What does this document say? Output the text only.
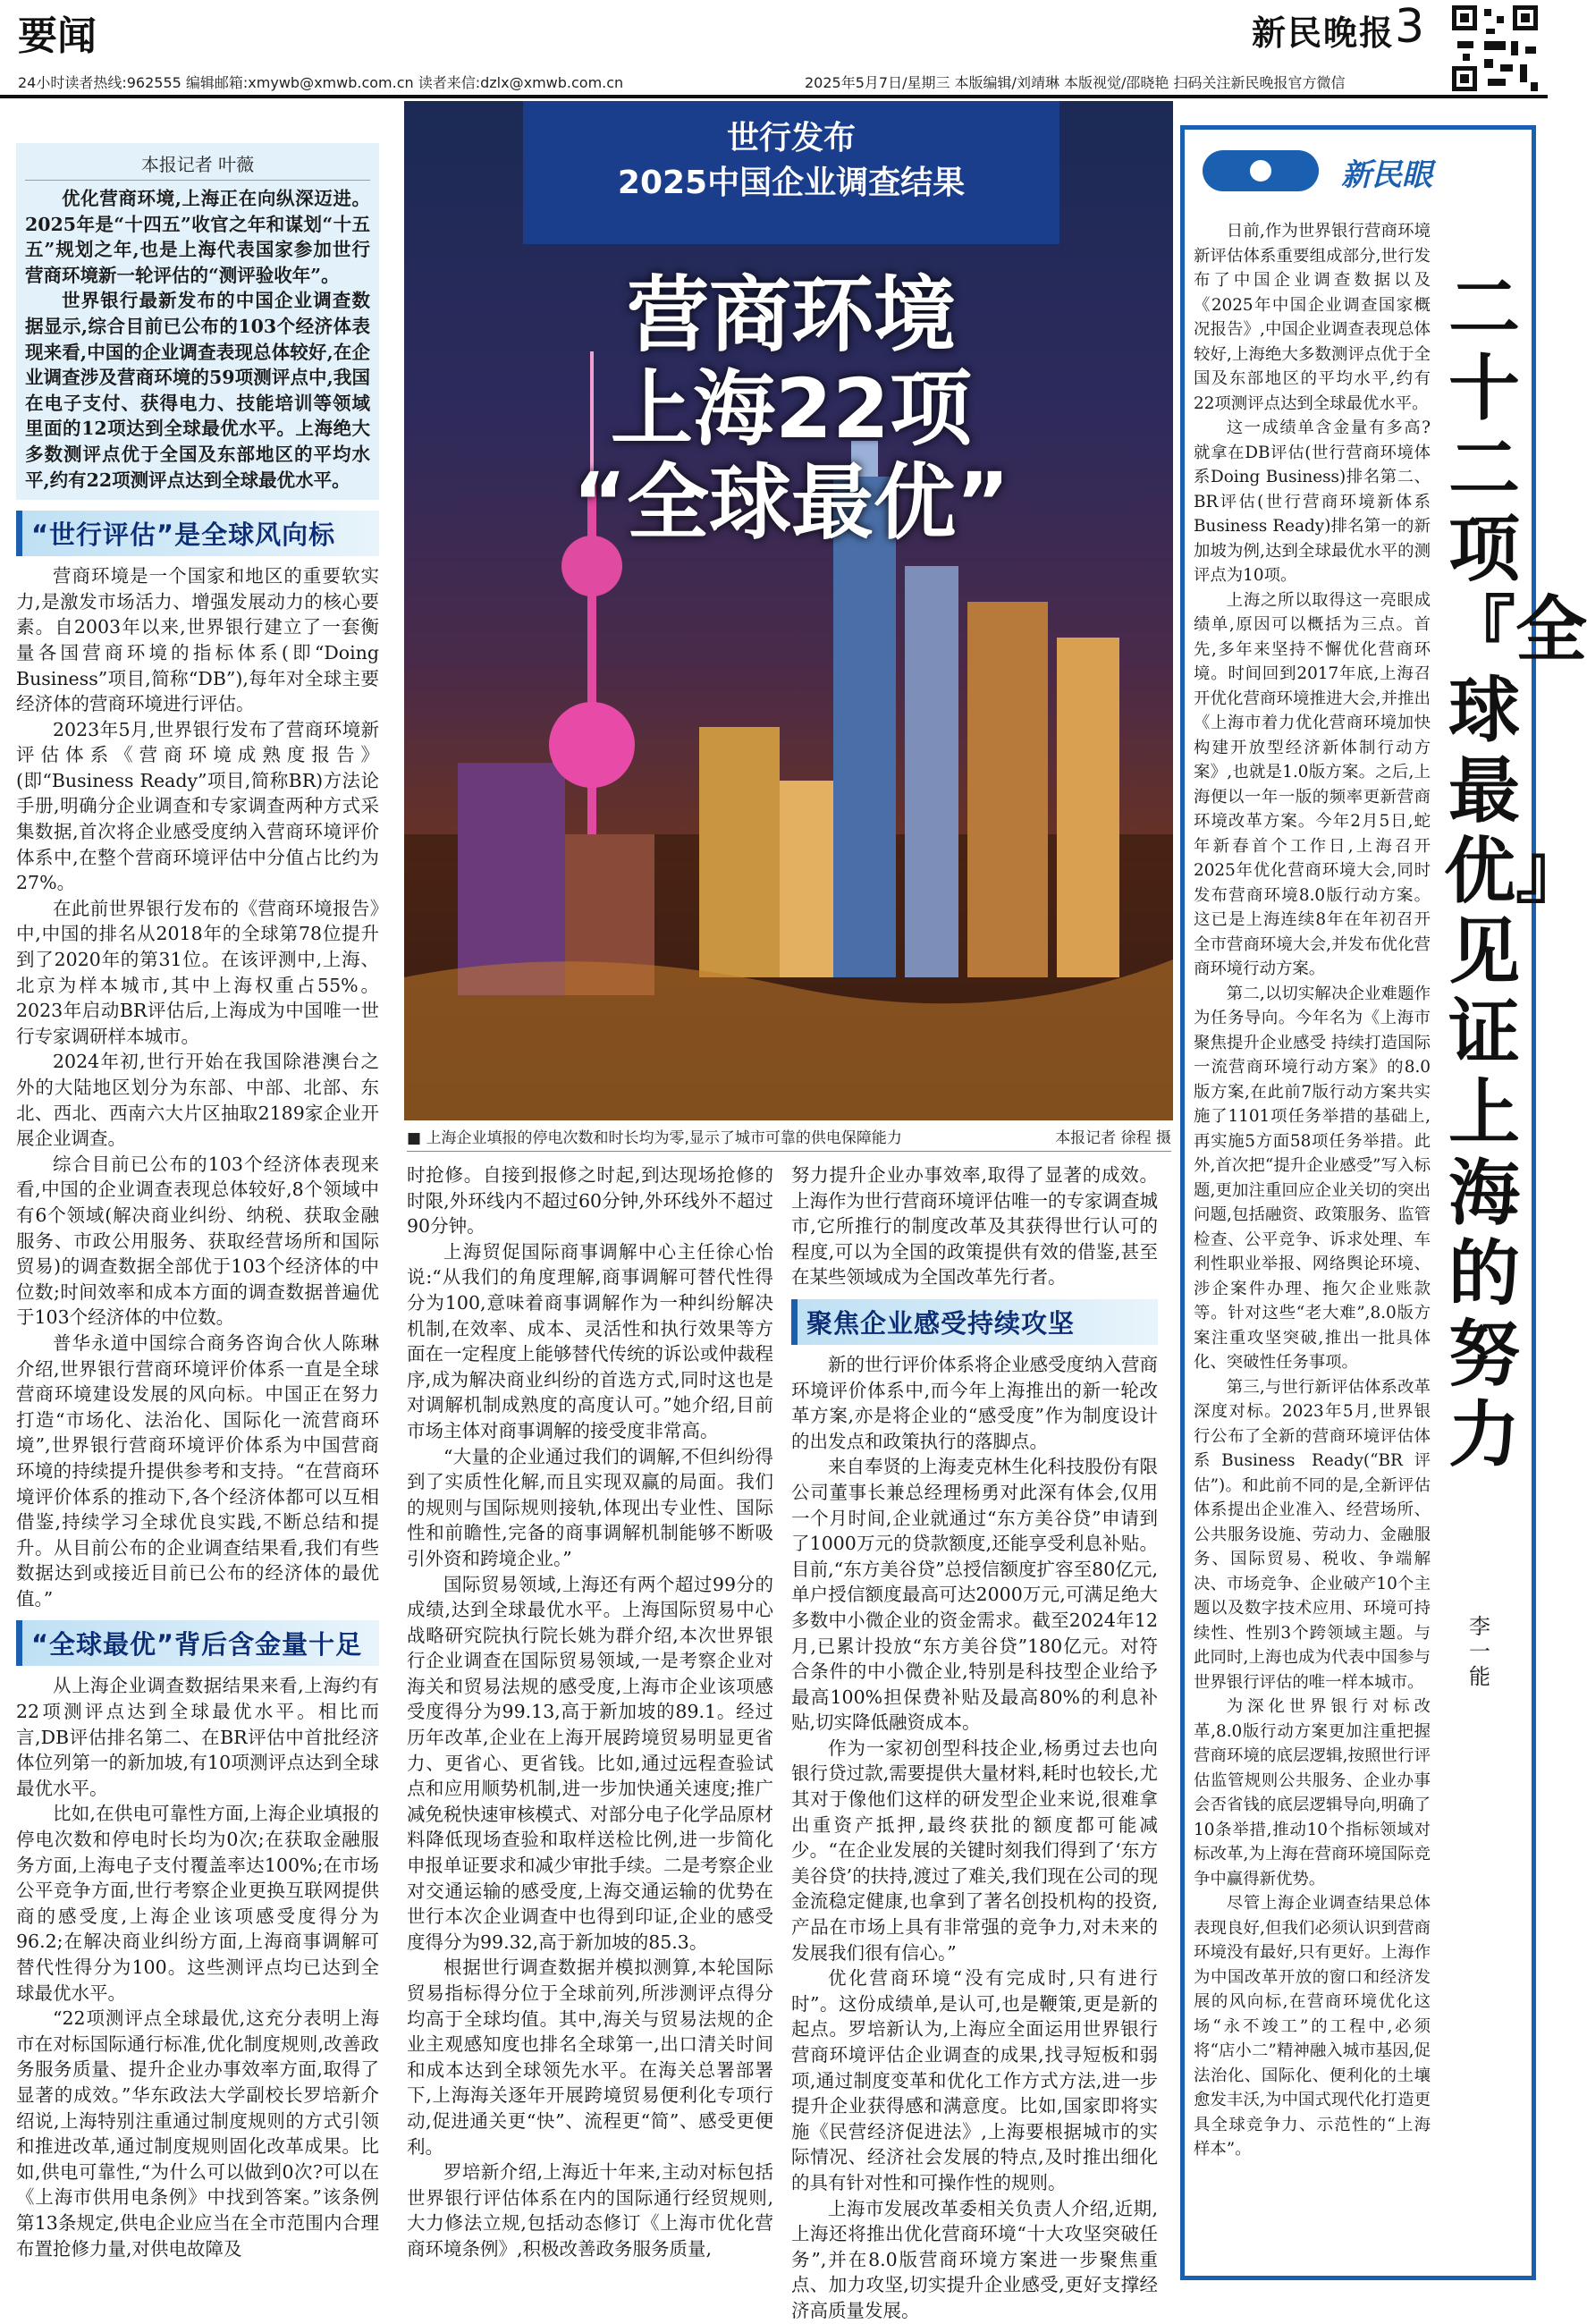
要闻	新民晚报 3
24小时读者热线:962555 编辑邮箱:xmywb@xmwb.com.cn 读者来信:dzlx@xmwb.com.cn	2025年5月7日/星期三 本版编辑/刘靖琳 本版视觉/邵晓艳 扫码关注新民晚报官方微信
本报记者 叶薇

优化营商环境,上海正在向纵深迈进。2025年是“十四五”收官之年和谋划“十五五”规划之年,也是上海代表国家参加世行营商环境新一轮评估的“测评验收年”。

世界银行最新发布的中国企业调查数据显示,综合目前已公布的103个经济体表现来看,中国的企业调查表现总体较好,在企业调查涉及营商环境的59项测评点中,我国在电子支付、获得电力、技能培训等领域里面的12项达到全球最优水平。上海绝大多数测评点优于全国及东部地区的平均水平,约有22项测评点达到全球最优水平。

“世行评估”是全球风向标

营商环境是一个国家和地区的重要软实力,是激发市场活力、增强发展动力的核心要素。自2003年以来,世界银行建立了一套衡量各国营商环境的指标体系(即“Doing Business”项目,简称“DB”),每年对全球主要经济体的营商环境进行评估。

2023年5月,世界银行发布了营商环境新评估体系《营商环境成熟度报告》(即“Business Ready”项目,简称BR)方法论手册,明确分企业调查和专家调查两种方式采集数据,首次将企业感受度纳入营商环境评价体系中,在整个营商环境评估中分值占比约为27%。

在此前世界银行发布的《营商环境报告》中,中国的排名从2018年的全球第78位提升到了2020年的第31位。在该评测中,上海、北京为样本城市,其中上海权重占55%。2023年启动BR评估后,上海成为中国唯一世行专家调研样本城市。

2024年初,世行开始在我国除港澳台之外的大陆地区划分为东部、中部、北部、东北、西北、西南六大片区抽取2189家企业开展企业调查。

综合目前已公布的103个经济体表现来看,中国的企业调查表现总体较好,8个领域中有6个领域(解决商业纠纷、纳税、获取金融服务、市政公用服务、获取经营场所和国际贸易)的调查数据全部优于103个经济体的中位数;时间效率和成本方面的调查数据普遍优于103个经济体的中位数。

普华永道中国综合商务咨询合伙人陈琳介绍,世界银行营商环境评价体系一直是全球营商环境建设发展的风向标。中国正在努力打造“市场化、法治化、国际化一流营商环境”,世界银行营商环境评价体系为中国营商环境的持续提升提供参考和支持。“在营商环境评价体系的推动下,各个经济体都可以互相借鉴,持续学习全球优良实践,不断总结和提升。从目前公布的企业调查结果看,我们有些数据达到或接近目前已公布的经济体的最优值。”

“全球最优”背后含金量十足

从上海企业调查数据结果来看,上海约有22项测评点达到全球最优水平。相比而言,DB评估排名第二、在BR评估中首批经济体位列第一的新加坡,有10项测评点达到全球最优水平。

比如,在供电可靠性方面,上海企业填报的停电次数和停电时长均为0次;在获取金融服务方面,上海电子支付覆盖率达100%;在市场公平竞争方面,世行考察企业更换互联网提供商的感受度,上海企业该项感受度得分为96.2;在解决商业纠纷方面,上海商事调解可替代性得分为100。这些测评点均已达到全球最优水平。

“22项测评点全球最优,这充分表明上海市在对标国际通行标准,优化制度规则,改善政务服务质量、提升企业办事效率方面,取得了显著的成效。”华东政法大学副校长罗培新介绍说,上海特别注重通过制度规则的方式引领和推进改革,通过制度规则固化改革成果。比如,供电可靠性,“为什么可以做到0次?可以在《上海市供用电条例》中找到答案。”该条例第13条规定,供电企业应当在全市范围内合理布置抢修力量,对供电故障及

世行发布
2025中国企业调查结果
营商环境
上海22项
“全球最优”
■ 上海企业填报的停电次数和时长均为零,显示了城市可靠的供电保障能力	本报记者 徐程 摄

时抢修。自接到报修之时起,到达现场抢修的时限,外环线内不超过60分钟,外环线外不超过90分钟。

上海贸促国际商事调解中心主任徐心怡说:“从我们的角度理解,商事调解可替代性得分为100,意味着商事调解作为一种纠纷解决机制,在效率、成本、灵活性和执行效果等方面在一定程度上能够替代传统的诉讼或仲裁程序,成为解决商业纠纷的首选方式,同时这也是对调解机制成熟度的高度认可。”她介绍,目前市场主体对商事调解的接受度非常高。

“大量的企业通过我们的调解,不但纠纷得到了实质性化解,而且实现双赢的局面。我们的规则与国际规则接轨,体现出专业性、国际性和前瞻性,完备的商事调解机制能够不断吸引外资和跨境企业。”

国际贸易领域,上海还有两个超过99分的成绩,达到全球最优水平。上海国际贸易中心战略研究院执行院长姚为群介绍,本次世界银行企业调查在国际贸易领域,一是考察企业对海关和贸易法规的感受度,上海市企业该项感受度得分为99.13,高于新加坡的89.1。经过历年改革,企业在上海开展跨境贸易明显更省力、更省心、更省钱。比如,通过远程查验试点和应用顺势机制,进一步加快通关速度;推广减免税快速审核模式、对部分电子化学品原材料降低现场查验和取样送检比例,进一步简化申报单证要求和减少审批手续。二是考察企业对交通运输的感受度,上海交通运输的优势在世行本次企业调查中也得到印证,企业的感受度得分为99.32,高于新加坡的85.3。

根据世行调查数据并模拟测算,本轮国际贸易指标得分位于全球前列,所涉测评点得分均高于全球均值。其中,海关与贸易法规的企业主观感知度也排名全球第一,出口清关时间和成本达到全球领先水平。在海关总署部署下,上海海关逐年开展跨境贸易便利化专项行动,促进通关更“快”、流程更“简”、感受更便利。

罗培新介绍,上海近十年来,主动对标包括世界银行评估体系在内的国际通行经贸规则,大力修法立规,包括动态修订《上海市优化营商环境条例》,积极改善政务服务质量,

努力提升企业办事效率,取得了显著的成效。上海作为世行营商环境评估唯一的专家调查城市,它所推行的制度改革及其获得世行认可的程度,可以为全国的政策提供有效的借鉴,甚至在某些领域成为全国改革先行者。

聚焦企业感受持续攻坚

新的世行评价体系将企业感受度纳入营商环境评价体系中,而今年上海推出的新一轮改革方案,亦是将企业的“感受度”作为制度设计的出发点和政策执行的落脚点。

来自奉贤的上海麦克林生化科技股份有限公司董事长兼总经理杨勇对此深有体会,仅用一个月时间,企业就通过“东方美谷贷”申请到了1000万元的贷款额度,还能享受利息补贴。目前,“东方美谷贷”总授信额度扩容至80亿元,单户授信额度最高可达2000万元,可满足绝大多数中小微企业的资金需求。截至2024年12月,已累计投放“东方美谷贷”180亿元。对符合条件的中小微企业,特别是科技型企业给予最高100%担保费补贴及最高80%的利息补贴,切实降低融资成本。

作为一家初创型科技企业,杨勇过去也向银行贷过款,需要提供大量材料,耗时也较长,尤其对于像他们这样的研发型企业来说,很难拿出重资产抵押,最终获批的额度都可能减少。“在企业发展的关键时刻我们得到了‘东方美谷贷’的扶持,渡过了难关,我们现在公司的现金流稳定健康,也拿到了著名创投机构的投资,产品在市场上具有非常强的竞争力,对未来的发展我们很有信心。”

优化营商环境“没有完成时,只有进行时”。这份成绩单,是认可,也是鞭策,更是新的起点。罗培新认为,上海应全面运用世界银行营商环境评估企业调查的成果,找寻短板和弱项,通过制度变革和优化工作方式方法,进一步提升企业获得感和满意度。比如,国家即将实施《民营经济促进法》,上海要根据城市的实际情况、经济社会发展的特点,及时推出细化的具有针对性和可操作性的规则。

上海市发展改革委相关负责人介绍,近期,上海还将推出优化营商环境“十大攻坚突破任务”,并在8.0版营商环境方案进一步聚焦重点、加力攻坚,切实提升企业感受,更好支撑经济高质量发展。

新民眼
二十二项『全球最优』见证上海的努力
李一能

日前,作为世界银行营商环境新评估体系重要组成部分,世行发布了中国企业调查数据以及《2025年中国企业调查国家概况报告》,中国企业调查表现总体较好,上海绝大多数测评点优于全国及东部地区的平均水平,约有22项测评点达到全球最优水平。

这一成绩单含金量有多高?就拿在DB评估(世行营商环境体系Doing Business)排名第二、BR评估(世行营商环境新体系Business Ready)排名第一的新加坡为例,达到全球最优水平的测评点为10项。

上海之所以取得这一亮眼成绩单,原因可以概括为三点。首先,多年来坚持不懈优化营商环境。时间回到2017年底,上海召开优化营商环境推进大会,并推出《上海市着力优化营商环境加快构建开放型经济新体制行动方案》,也就是1.0版方案。之后,上海便以一年一版的频率更新营商环境改革方案。今年2月5日,蛇年新春首个工作日,上海召开2025年优化营商环境大会,同时发布营商环境8.0版行动方案。这已是上海连续8年在年初召开全市营商环境大会,并发布优化营商环境行动方案。

第二,以切实解决企业难题作为任务导向。今年名为《上海市聚焦提升企业感受 持续打造国际一流营商环境行动方案》的8.0版方案,在此前7版行动方案共实施了1101项任务举措的基础上,再实施5方面58项任务举措。此外,首次把“提升企业感受”写入标题,更加注重回应企业关切的突出问题,包括融资、政策服务、监管检查、公平竞争、诉求处理、车利性职业举报、网络舆论环境、涉企案件办理、拖欠企业账款等。针对这些“老大难”,8.0版方案注重攻坚突破,推出一批具体化、突破性任务事项。

第三,与世行新评估体系改革深度对标。2023年5月,世界银行公布了全新的营商环境评估体系Business Ready(“BR评估”)。和此前不同的是,全新评估体系提出企业准入、经营场所、公共服务设施、劳动力、金融服务、国际贸易、税收、争端解决、市场竞争、企业破产10个主题以及数字技术应用、环境可持续性、性别3个跨领域主题。与此同时,上海也成为代表中国参与世界银行评估的唯一样本城市。

为深化世界银行对标改革,8.0版行动方案更加注重把握营商环境的底层逻辑,按照世行评估监管规则公共服务、企业办事会否省钱的底层逻辑导向,明确了10条举措,推动10个指标领域对标改革,为上海在营商环境国际竞争中赢得新优势。

尽管上海企业调查结果总体表现良好,但我们必须认识到营商环境没有最好,只有更好。上海作为中国改革开放的窗口和经济发展的风向标,在营商环境优化这场“永不竣工”的工程中,必须将“店小二”精神融入城市基因,促法治化、国际化、便利化的土壤愈发丰沃,为中国式现代化打造更具全球竞争力、示范性的“上海样本”。
